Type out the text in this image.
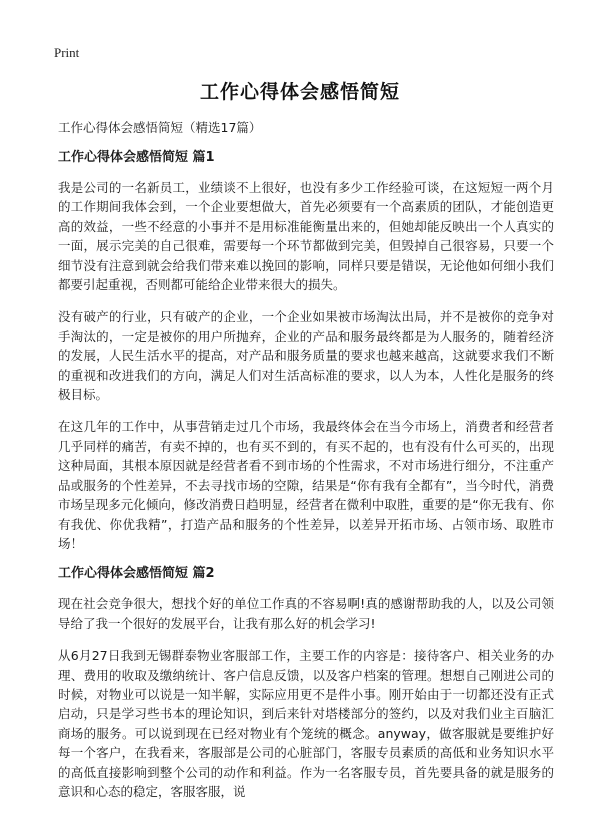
Print
工作心得体会感悟简短

工作心得体会感悟简短（精选17篇）

工作心得体会感悟简短 篇1

我是公司的一名新员工，业绩谈不上很好，也没有多少工作经验可谈，在这短短一两个月的工作期间我体会到，一个企业要想做大，首先必须要有一个高素质的团队，才能创造更高的效益，一些不经意的小事并不是用标准能衡量出来的，但她却能反映出一个人真实的一面，展示完美的自己很难，需要每一个环节都做到完美，但毁掉自己很容易，只要一个细节没有注意到就会给我们带来难以挽回的影响，同样只要是错误，无论他如何细小我们都要引起重视，否则都可能给企业带来很大的损失。

没有破产的行业，只有破产的企业，一个企业如果被市场淘汰出局，并不是被你的竞争对手淘汰的，一定是被你的用户所抛弃，企业的产品和服务最终都是为人服务的，随着经济的发展，人民生活水平的提高，对产品和服务质量的要求也越来越高，这就要求我们不断的重视和改进我们的方向，满足人们对生活高标准的要求，以人为本，人性化是服务的终极目标。

在这几年的工作中，从事营销走过几个市场，我最终体会在当今市场上，消费者和经营者几乎同样的痛苦，有卖不掉的，也有买不到的，有买不起的，也有没有什么可买的，出现这种局面，其根本原因就是经营者看不到市场的个性需求，不对市场进行细分，不注重产品或服务的个性差异，不去寻找市场的空隙，结果是“你有我有全都有”，当今时代，消费市场呈现多元化倾向，修改消费日趋明显，经营者在微利中取胜，重要的是“你无我有、你有我优、你优我精”，打造产品和服务的个性差异，以差异开拓市场、占领市场、取胜市场！

工作心得体会感悟简短 篇2

现在社会竞争很大，想找个好的单位工作真的不容易啊!真的感谢帮助我的人，以及公司领导给了我一个很好的发展平台，让我有那么好的机会学习!

从6月27日我到无锡群泰物业客服部工作，主要工作的内容是：接待客户、相关业务的办理、费用的收取及缴纳统计、客户信息反馈，以及客户档案的管理。想想自己刚进公司的时候，对物业可以说是一知半解，实际应用更不是件小事。刚开始由于一切都还没有正式启动，只是学习些书本的理论知识，到后来针对塔楼部分的签约，以及对我们业主百脑汇商场的服务。可以说到现在已经对物业有个笼统的概念。anyway，做客服就是要维护好每一个客户，在我看来，客服部是公司的心脏部门，客服专员素质的高低和业务知识水平的高低直接影响到整个公司的动作和利益。作为一名客服专员，首先要具备的就是服务的意识和心态的稳定，客服客服，说
